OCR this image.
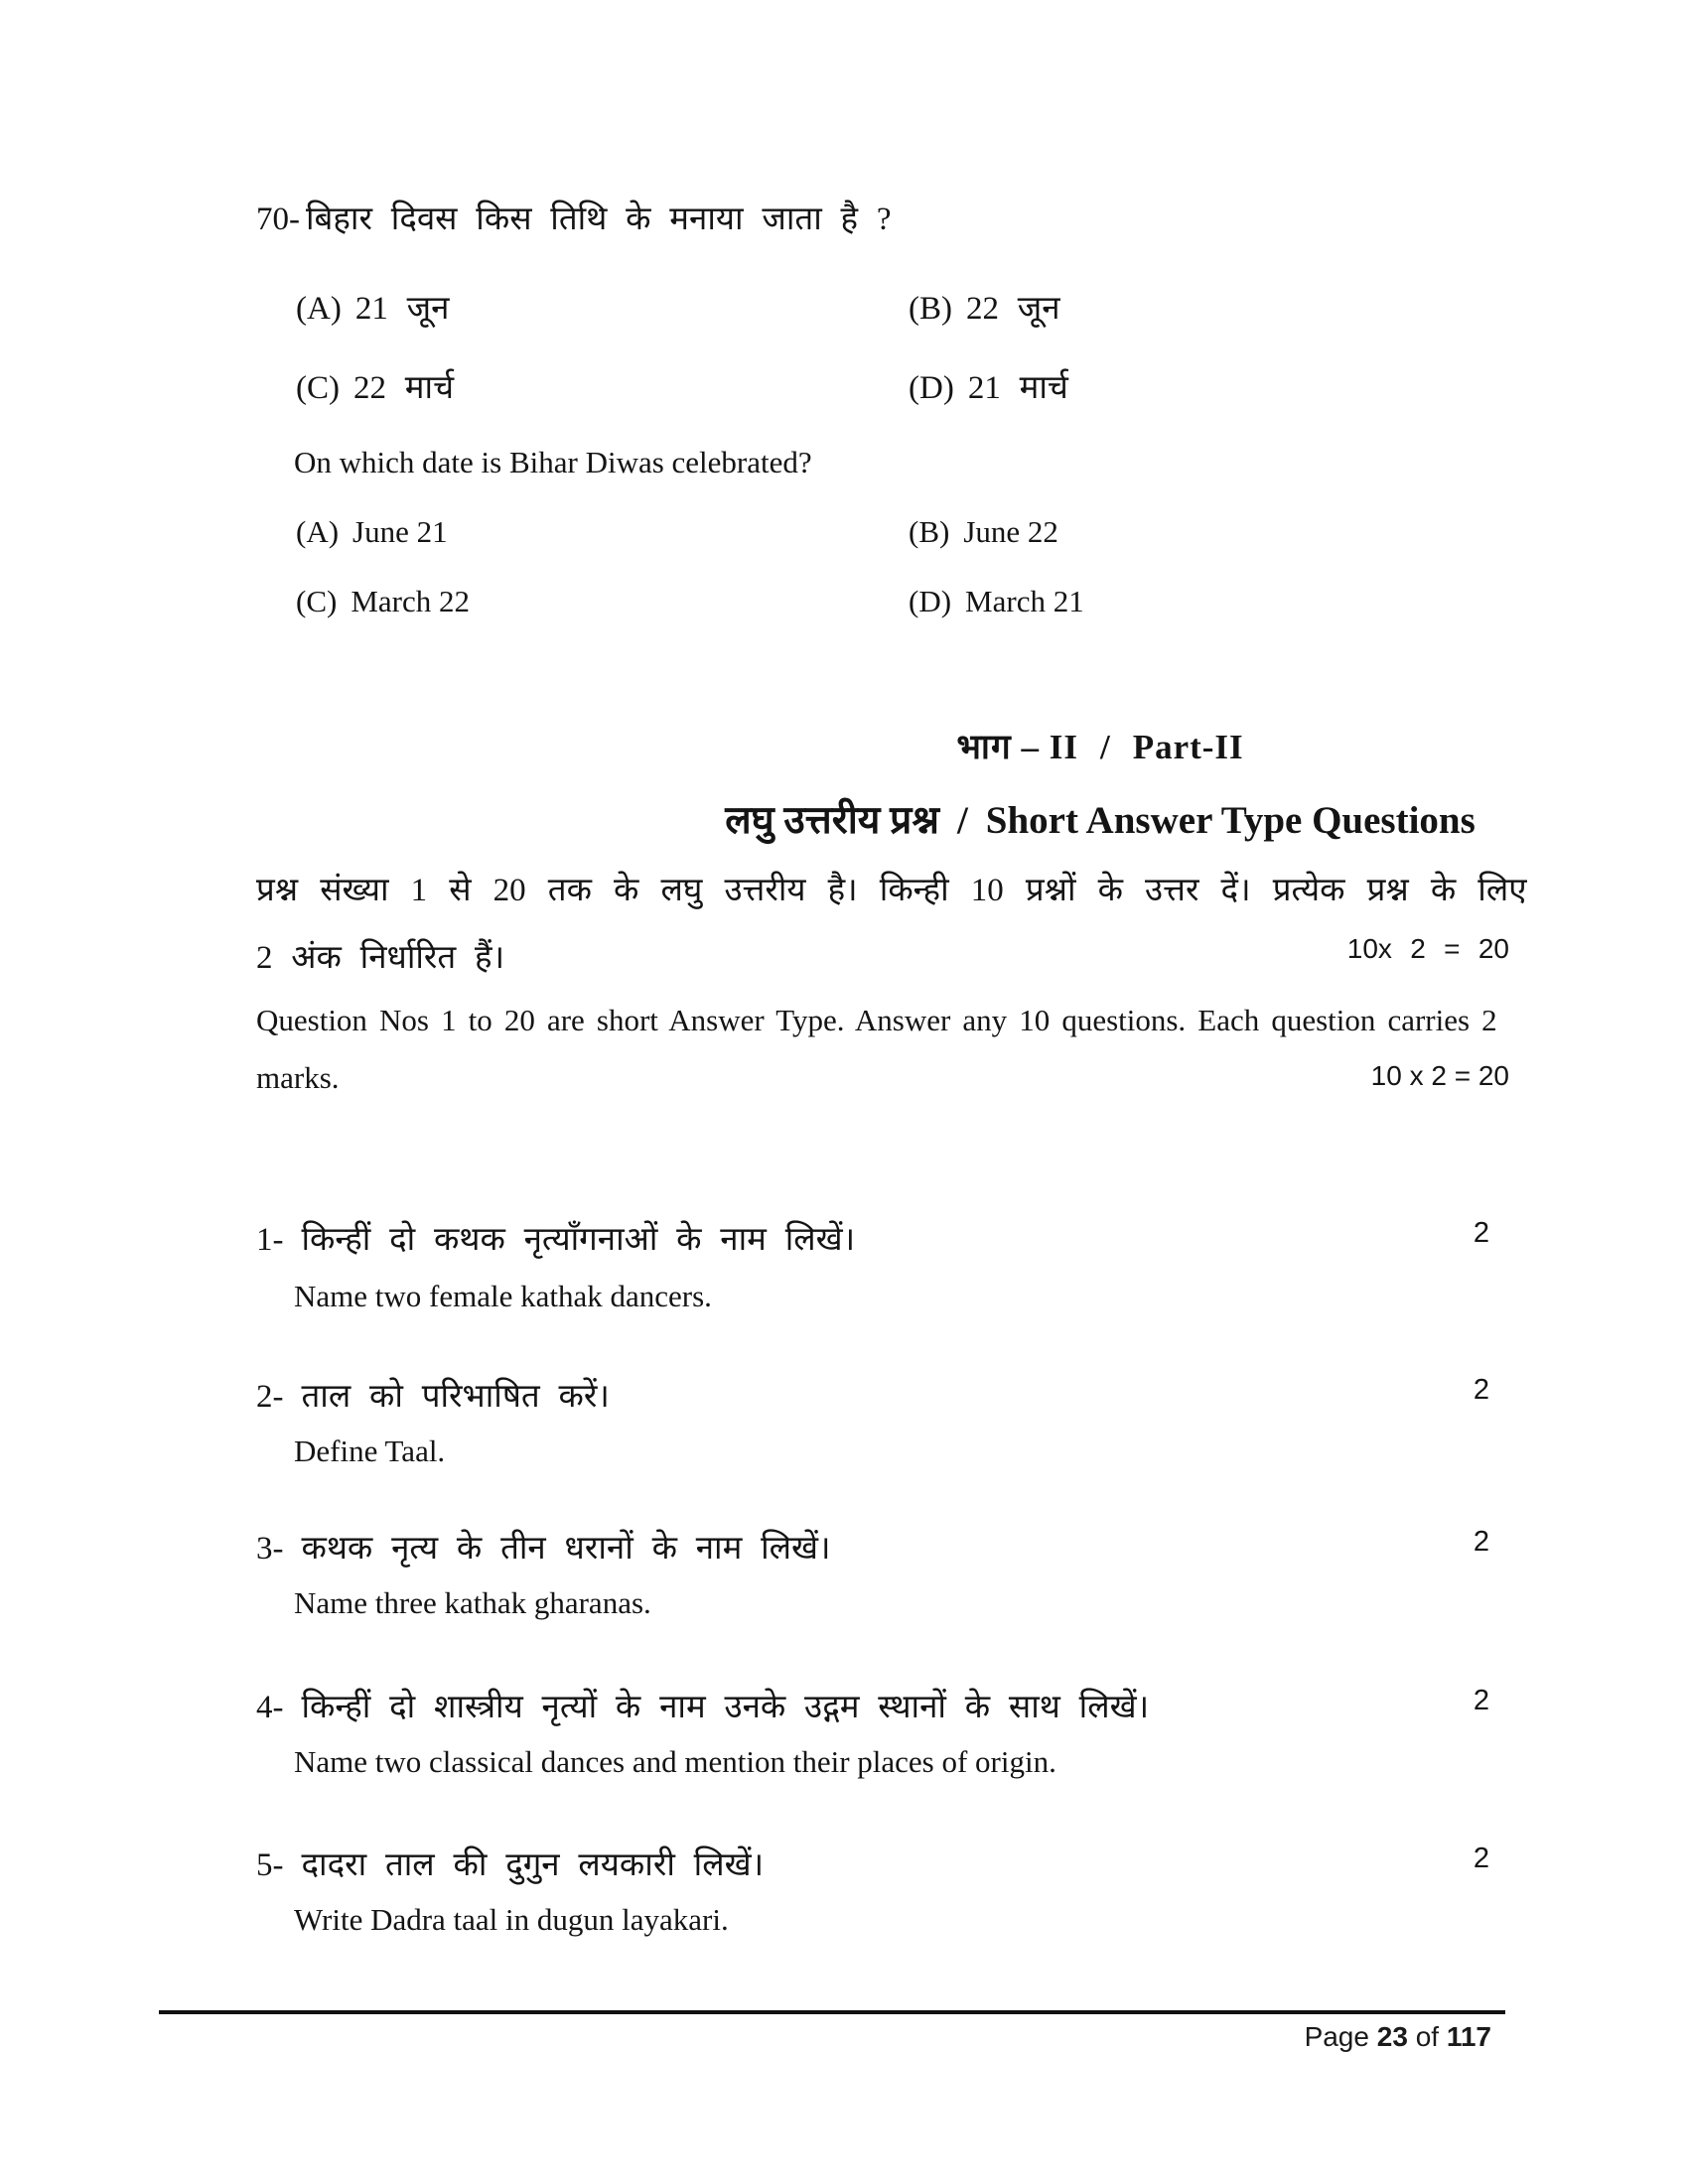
70- बिहार दिवस किस तिथि के मनाया जाता है ?
(A) 21 जून	(B) 22 जून
(C) 22 मार्च	(D) 21 मार्च
On which date is Bihar Diwas celebrated?
(A) June 21	(B) June 22
(C) March 22	(D) March 21
भाग – II / Part-II
लघु उत्तरीय प्रश्न / Short Answer Type Questions
प्रश्न संख्या 1 से 20 तक के लघु उत्तरीय है। किन्ही 10 प्रश्नों के उत्तर दें। प्रत्येक प्रश्न के लिए
2 अंक निर्धारित हैं।	10x 2 = 20
Question Nos 1 to 20 are short Answer Type. Answer any 10 questions. Each question carries 2
marks.	10 x 2 = 20
1- किन्हीं दो कथक नृत्याँगनाओं के नाम लिखें।	2
Name two female kathak dancers.
2- ताल को परिभाषित करें।	2
Define Taal.
3- कथक नृत्य के तीन धरानों के नाम लिखें।	2
Name three kathak gharanas.
4- किन्हीं दो शास्त्रीय नृत्यों के नाम उनके उद्गम स्थानों के साथ लिखें।	2
Name two classical dances and mention their places of origin.
5- दादरा ताल की दुगुन लयकारी लिखें।	2
Write Dadra taal in dugun layakari.
Page 23 of 117
